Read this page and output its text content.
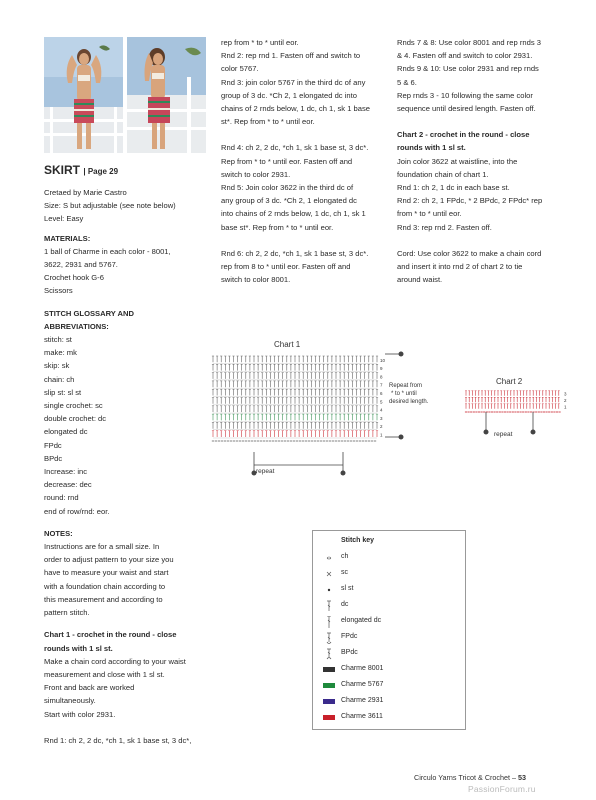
SKIRT | Page 29

Cretaed by Marie Castro

Size: S but adjustable (see note below)

Level: Easy

MATERIALS:

1 ball of Charme in each color - 8001,

3622, 2931 and 5767.

Crochet hook G-6

Scissors

STITCH GLOSSARY AND

ABBREVIATIONS:

stitch: st

make: mk

skip: sk

chain: ch

slip st: sl st

single crochet: sc

double crochet: dc

elongated dc

FPdc

BPdc

Increase: inc

decrease: dec

round: rnd

end of row/rnd: eor.

NOTES:

Instructions are for a small size. In

order to adjust pattern to your size you

have to measure your waist and start

with a foundation chain according to

this measurement and according to

pattern stitch.

Chart 1 - crochet in the round - close

rounds with 1 sl st.

Make a chain cord according to your waist

measurement and close with 1 sl st.

Front and back are worked

simultaneously.

Start with color 2931.

Rnd 1: ch 2, 2 dc, *ch 1, sk 1 base st, 3 dc*,

rep from * to * until eor.

Rnd 2: rep rnd 1. Fasten off and switch to

color 5767.

Rnd 3: join color 5767 in the third dc of any

group of 3 dc. *Ch 2, 1 elongated dc into

chains of 2 rnds below, 1 dc, ch 1, sk 1 base

st*. Rep from * to * until eor.

Rnd 4: ch 2, 2 dc, *ch 1, sk 1 base st, 3 dc*.

Rep from * to * until eor. Fasten off and

switch to color 2931.

Rnd 5: Join color 3622 in the third dc of

any group of 3 dc. *Ch 2, 1 elongated dc

into chains of 2 rnds below, 1 dc, ch 1, sk 1

base st*. Rep from * to * until eor.

Rnd 6: ch 2, 2 dc, *ch 1, sk 1 base st, 3 dc*.

rep from 8 to * until eor. Fasten off and

switch to color 8001.

Rnds 7 & 8: Use color 8001 and rep rnds 3

& 4. Fasten off and switch to color 2931.

Rnds 9 & 10: Use color 2931 and rep rnds

5 & 6.

Rep rnds 3 - 10 following the same color

sequence until desired length. Fasten off.

Chart 2 - crochet in the round - close

rounds with 1 sl st.

Join color 3622 at waistline, into the

foundation chain of chart 1.

Rnd 1: ch 2, 1 dc in each base st.

Rnd 2: ch 2, 1 FPdc, * 2 BPdc, 2 FPdc* rep

from * to * until eor.

Rnd 3: rep rnd 2. Fasten off.

Cord: Use color 3622 to make a chain cord

and insert it into rnd 2 of chart 2 to tie

around waist.

Chart 1
10
9
8
7
6
5
4
3
2
1
Repeat from
* to * until
desired length.
repeat
Chart 2
3
2
1
repeat
Stitch key
ch
sc
sl st
dc
elongated dc
FPdc
BPdc
Charme 8001
Charme 5767
Charme 2931
Charme 3611
Circulo Yarns Tricot & Crochet – 53
PassionForum.ru
